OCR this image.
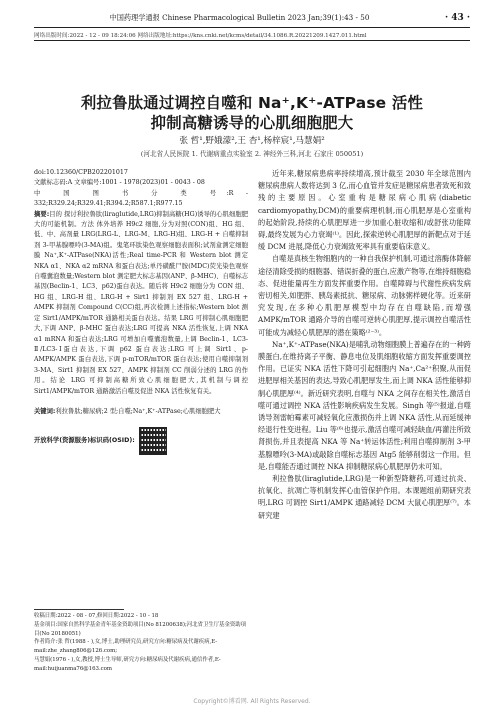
中国药理学通报 Chinese Pharmacological Bulletin 2023 Jan;39(1):43 - 50	· 43 ·
网络出版时间:2022 - 12 - 09 18:24:06 网络出版地址:https://kns.cnki.net/kcms/detail/34.1086.R.20221209.1427.011.html
利拉鲁肽通过调控自噬和 Na⁺,K⁺-ATPase 活性
抑制高糖诱导的心肌细胞肥大
张 哲¹,野娥濛²,王 杏¹,杨梓宸¹,马慧娟²
(河北省人民医院 1. 代谢病重点实验室 2. 神经外三科,河北 石家庄 050051)

doi:10.12360/CPB202201017

文献标志码:A 文章编号:1001 - 1978(2023)01 - 0043 - 08

中 国 图 书 分 类 号:R - 332;R329.24;R329.41;R394.2;R587.1;R977.15

摘要:目的 探讨利拉鲁肽(liraglutide,LRG)抑制高糖(HG)诱导的心肌细胞肥大的可能机制。方法 体外培养 H9c2 细胞,分为对照(CON)组、HG 组、低、中、高剂量 LRG(LRG-L、LRG-M、LRG-H)组、LRG-H + 自噬抑制剂 3-甲基腺嘌呤(3-MA)组。鬼笔环肽染色观察细胞表面积;试剂盒测定细胞膜 Na⁺,K⁺-ATPase(NKA)活性;Real time-PCR 和 Western blot 测定 NKA α1、NKA α2 mRNA 和蛋白表达;单丹磺酰尸胺(MDC)荧光染色观察自噬囊泡数量;Western blot 测定肥大标志基因(ANP、β-MHC)、自噬标志基因(Beclin-1、LC3、p62)蛋白表达。随后将 H9c2 细胞分为 CON 组、HG 组、LRG-H 组、LRG-H + Sirt1 抑制剂 EX 527 组、LRG-H + AMPK 抑制剂 Compound C(CC)组,再次检测上述指标;Western blot 测定 Sirt1/AMPK/mTOR 通路相关蛋白表达。结果 LRG 可抑制心肌细胞肥大,下调 ANP、β-MHC 蛋白表达;LRG 可提高 NKA 活性恢复,上调 NKA α1 mRNA 和蛋白表达;LRG 可增加自噬囊泡数量,上调 Beclin-1、LC3-Ⅱ/LC3-Ⅰ蛋白表达,下调 p62 蛋白表达;LRG 可上调 Sirt1、p-AMPK/AMPK 蛋白表达,下调 p-mTOR/mTOR 蛋白表达;使用自噬抑制剂 3-MA、Sirt1 抑制剂 EX 527、AMPK 抑制剂 CC 削弱分述的 LRG 的作用。结论 LRG 可抑制高糖所致心肌细胞肥大,其机制与调控 Sirt1/AMPK/mTOR 通路激活自噬及促进 NKA 活性恢复有关。

关键词:利拉鲁肽;糖尿病;2 型;自噬;Na⁺,K⁺-ATPase;心肌细胞肥大

开放科学(资源服务)标识码(OSID):

收稿日期:2022 - 08 - 07,修回日期:2022 - 10 - 18
基金项目:国家自然科学基金青年基金资助项目(No 81200638);河北省卫生厅基金资助项目(No 20180051)
作者简介:张 哲(1988 - ),女,博士,助理研究员,研究方向:糖尿病及代谢疾病,E-mail:zhe_zhang806@126.com;
马慧娟(1976 - ),女,教授,博士生导师,研究方向:糖尿病及代谢疾病,通信作者,E-mail:huijuanma76@163.com

近年来,糖尿病患病率持续增高,预计截至 2030 年全球范围内糖尿病患病人数将达到 3 亿,而心血管并发症是糖尿病患者致死和致残的主要原因。心室重构是糖尿病心肌病(diabetic cardiomyopathy,DCM)的重要病理机制,而心肌肥厚是心室重构的起始阶段,持续的心肌肥厚进一步加重心脏收缩和/或舒张功能障碍,最终发展为心力衰竭⁽¹⁾。因此,探索逆转心肌肥厚的新靶点对于延缓 DCM 进展,降低心力衰竭致死率具有重要临床意义。

自噬是真核生物细胞内的一种自我保护机制,可通过溶酶体降解途径清除受损的细胞器、错误折叠的蛋白,应激产物等,在维持细胞稳态、促进能量再生方面发挥重要作用。自噬障碍与代谢性疾病发病密切相关,如肥胖、胰岛素抵抗、糖尿病、动脉粥样硬化等。近来研究发现,在多种心肌肥厚模型中均存在自噬缺陷,而增强 AMPK/mTOR 通路介导的自噬可逆转心肌肥厚,提示调控自噬活性可能成为减轻心肌肥厚的潜在策略⁽²⁻³⁾。

Na⁺,K⁺-ATPase(NKA)是哺乳动物细胞膜上普遍存在的一种跨膜蛋白,在维持离子平衡、静息电位及肌细胞收缩方面发挥重要调控作用。已证实 NKA 活性下降可引起细胞内 Na⁺,Ca²⁺积聚,从而促进肥厚相关基因的表达,导致心肌肥厚发生,而上调 NKA 活性能够抑制心肌肥厚⁽⁴⁾。新近研究表明,自噬与 NKA 之间存在相关性,激活自噬可通过调控 NKA 活性影响疾病发生发展。Singh 等⁽⁵⁾报道,自噬诱导剂雷帕霉素可减轻氧化应激损伤并上调 NKA 活性,从而延缓神经退行性变进程。Liu 等⁽⁶⁾也提示,激活自噬可减轻缺血/再灌注所致肾损伤,并且表提高 NKA 等 Na⁺转运体活性;利用自噬抑制剂 3-甲基腺嘌呤(3-MA)或敲除自噬标志基因 Atg5 能够削弱这一作用。但是,自噬能否通过调控 NKA 抑制糖尿病心肌肥厚仍未可知。

利拉鲁肽(liraglutide,LRG)是一种新型降糖药,可通过抗炎、抗氧化、抗凋亡等机制发挥心血管保护作用。本课题组前期研究表明,LRG 可调控 Sirt1/AMPK 通路减轻 DCM 大鼠心肌肥厚⁽⁷⁾。本研究建

Copyright©博看网. All Rights Reserved.
